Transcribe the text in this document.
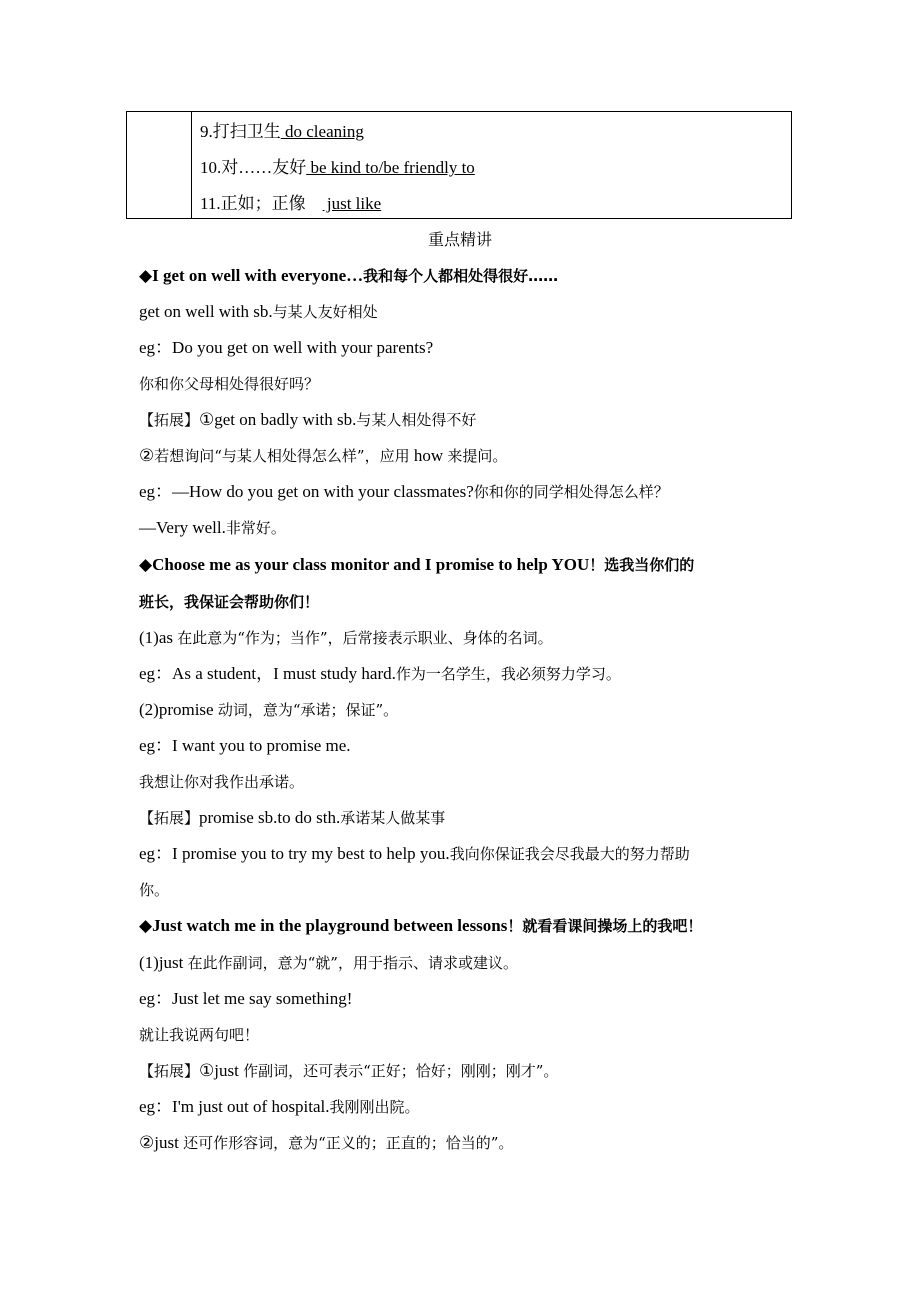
9.打扫卫生 do cleaning
10.对……友好 be kind to/be friendly to
11.正如；正像　 just like
重点精讲
◆I get on well with everyone…我和每个人都相处得很好……
get on well with sb.与某人友好相处
eg：Do you get on well with your parents?
你和你父母相处得很好吗？
【拓展】①get on badly with sb.与某人相处得不好
②若想询问“与某人相处得怎么样”，应用 how 来提问。
eg：—How do you get on with your classmates?你和你的同学相处得怎么样？
—Very well.非常好。
◆Choose me as your class monitor and I promise to help YOU！选我当你们的
班长，我保证会帮助你们！
(1)as 在此意为“作为；当作”，后常接表示职业、身体的名词。
eg：As a student，I must study hard.作为一名学生，我必须努力学习。
(2)promise 动词，意为“承诺；保证”。
eg：I want you to promise me.
我想让你对我作出承诺。
【拓展】promise sb.to do sth.承诺某人做某事
eg：I promise you to try my best to help you.我向你保证我会尽我最大的努力帮助
你。
◆Just watch me in the playground between lessons！就看看课间操场上的我吧！
(1)just 在此作副词，意为“就”，用于指示、请求或建议。
eg：Just let me say something!
就让我说两句吧！
【拓展】①just 作副词，还可表示“正好；恰好；刚刚；刚才”。
eg：I'm just out of hospital.我刚刚出院。
②just 还可作形容词，意为“正义的；正直的；恰当的”。
